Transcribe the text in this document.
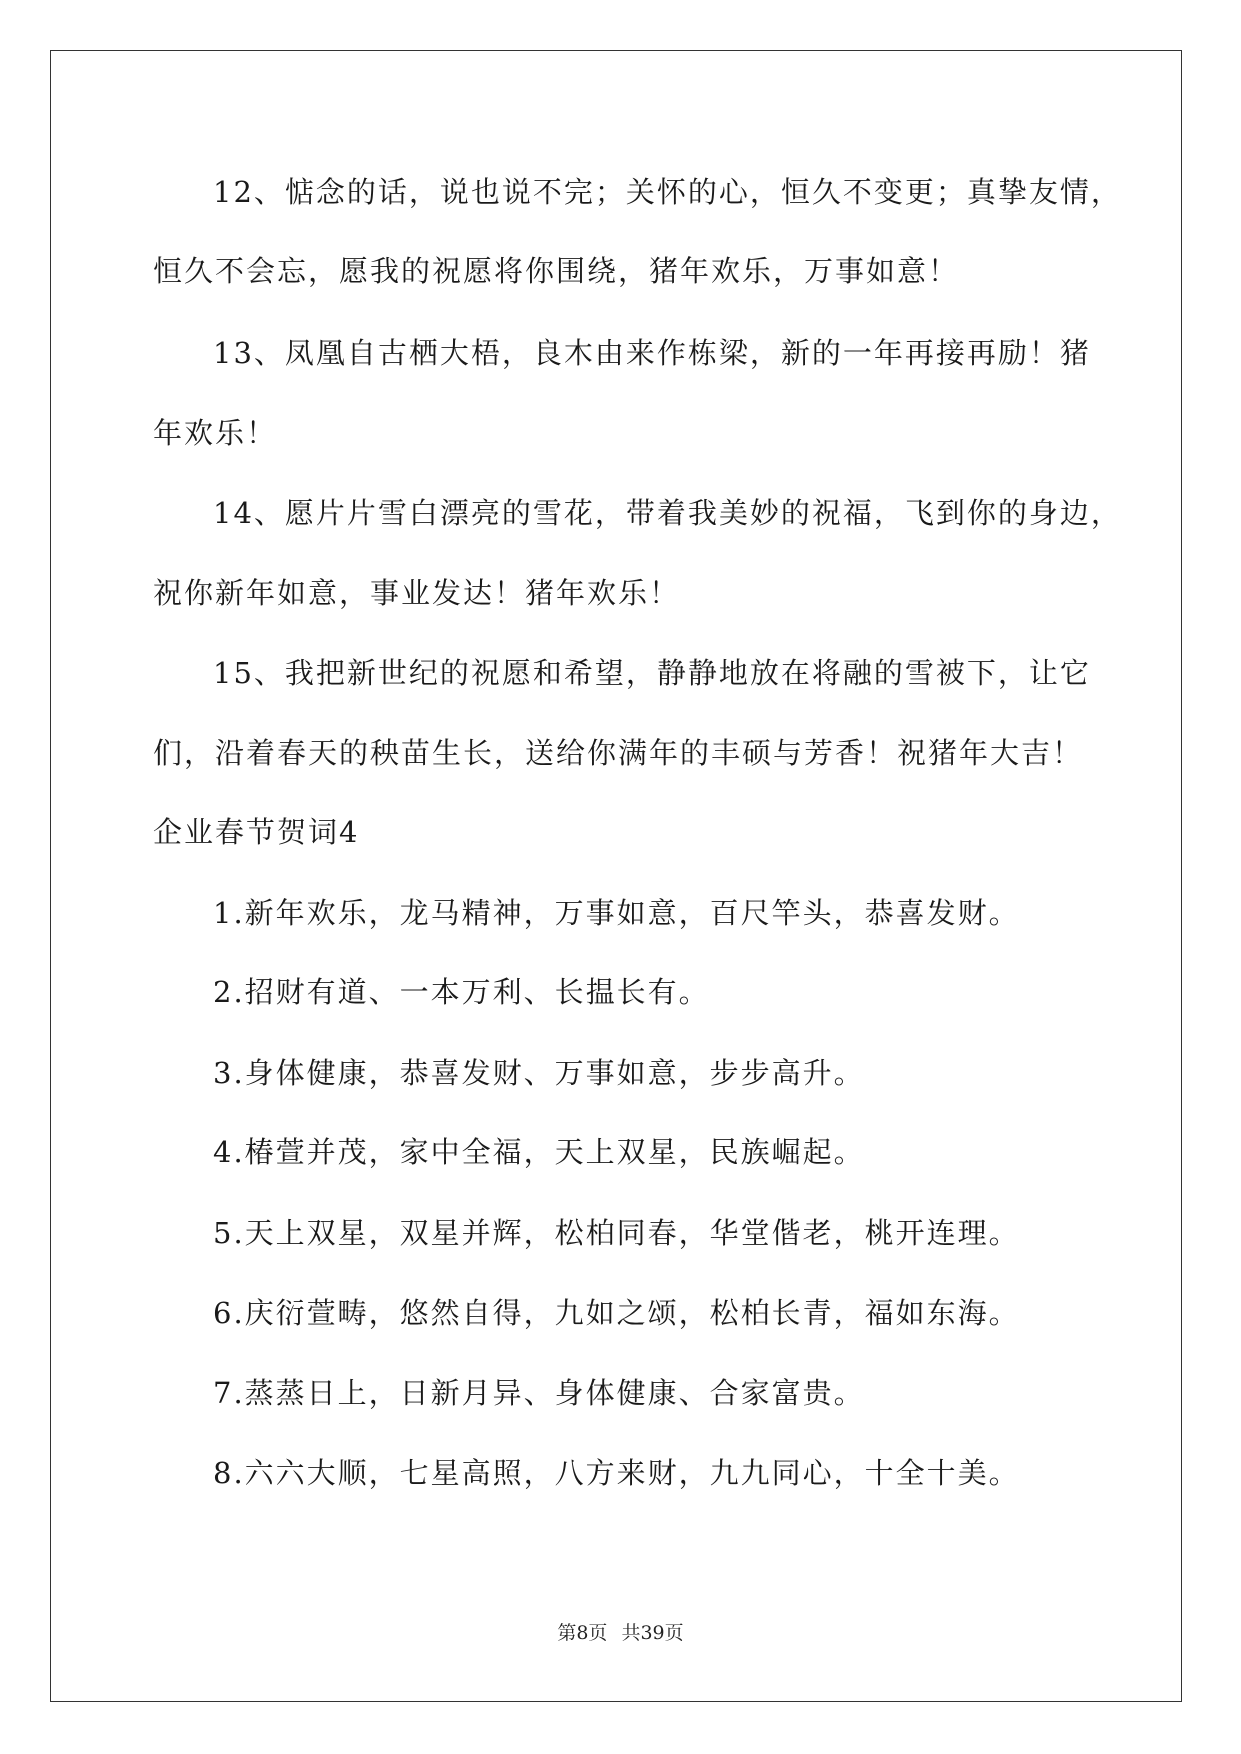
12、惦念的话，说也说不完；关怀的心，恒久不变更；真挚友情，
恒久不会忘，愿我的祝愿将你围绕，猪年欢乐，万事如意！
13、凤凰自古栖大梧，良木由来作栋梁，新的一年再接再励！猪
年欢乐！
14、愿片片雪白漂亮的雪花，带着我美妙的祝福，飞到你的身边，
祝你新年如意，事业发达！猪年欢乐！
15、我把新世纪的祝愿和希望，静静地放在将融的雪被下，让它
们，沿着春天的秧苗生长，送给你满年的丰硕与芳香！祝猪年大吉！
企业春节贺词4
1.新年欢乐，龙马精神，万事如意，百尺竿头，恭喜发财。
2.招财有道、一本万利、长揾长有。
3.身体健康，恭喜发财、万事如意，步步高升。
4.椿萱并茂，家中全福，天上双星，民族崛起。
5.天上双星，双星并辉，松柏同春，华堂偕老，桃开连理。
6.庆衍萱畴，悠然自得，九如之颂，松柏长青，福如东海。
7.蒸蒸日上，日新月异、身体健康、合家富贵。
8.六六大顺，七星高照，八方来财，九九同心，十全十美。
第8页 共39页
